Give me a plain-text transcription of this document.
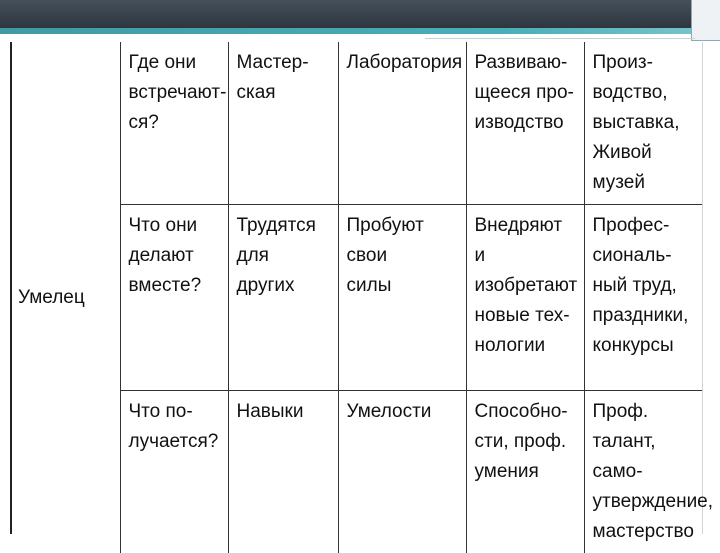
Умелец	Где они
встречают-
ся?	Мастер-
ская	Лаборатория	Развиваю-
щееся про-
изводство	Произ-
водство,
выставка,
Живой музей
	Что они
делают
вместе?	Трудятся
для других	Пробуют свои
силы	Внедряют и
изобретают
новые тех-
нологии	Профес-
сиональ-
ный труд,
праздники,
конкурсы
	Что по-
лучается?	Навыки	Умелости	Способно-
сти, проф.
умения	Проф.
талант, само-
утверждение,
мастерство
